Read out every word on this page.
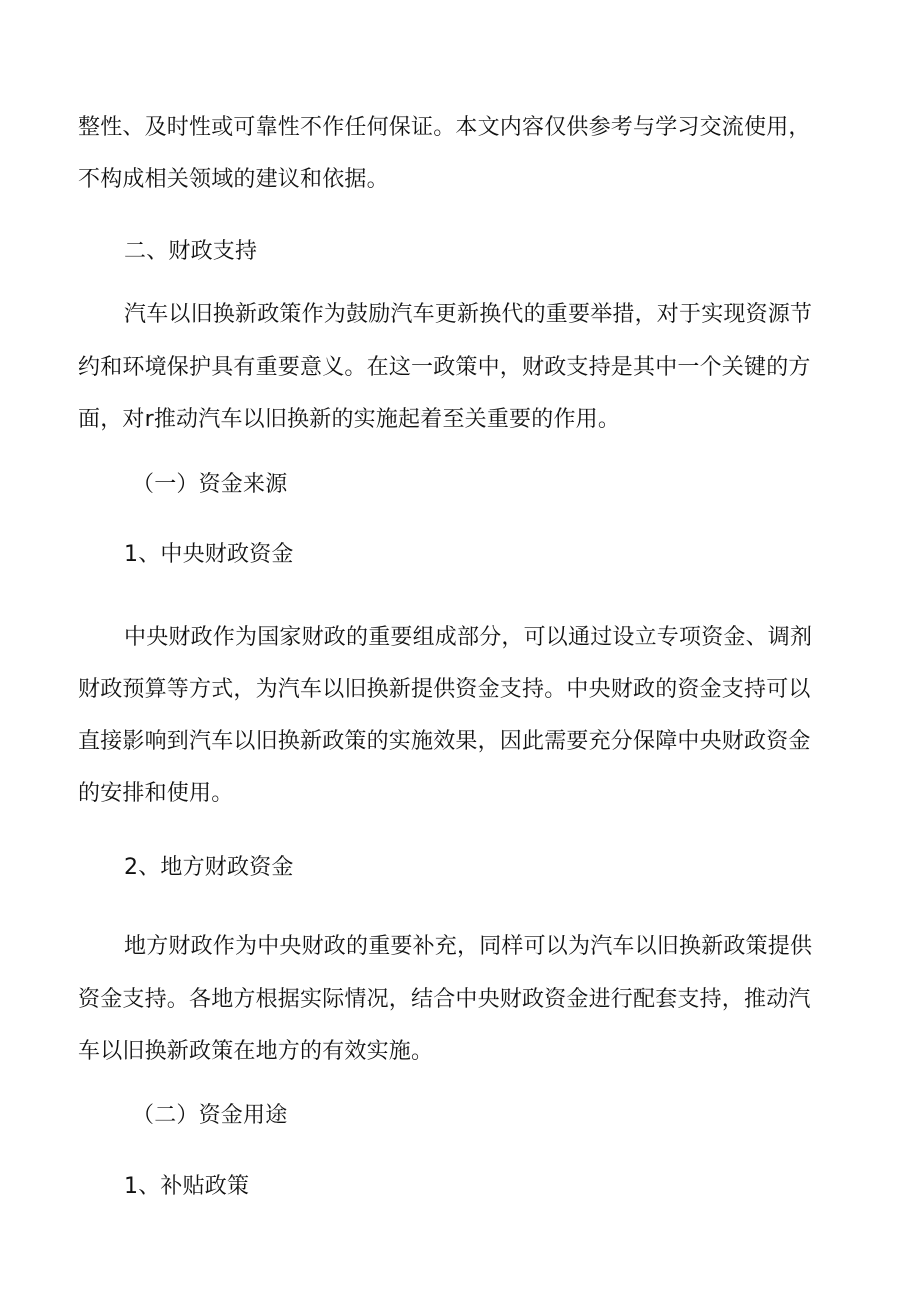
整性、及时性或可靠性不作任何保证。本文内容仅供参考与学习交流使用，
不构成相关领域的建议和依据。
二、财政支持
汽车以旧换新政策作为鼓励汽车更新换代的重要举措，对于实现资源节
约和环境保护具有重要意义。在这一政策中，财政支持是其中一个关键的方
面，对r推动汽车以旧换新的实施起着至关重要的作用。
（一）资金来源
1、中央财政资金
中央财政作为国家财政的重要组成部分，可以通过设立专项资金、调剂
财政预算等方式，为汽车以旧换新提供资金支持。中央财政的资金支持可以
直接影响到汽车以旧换新政策的实施效果，因此需要充分保障中央财政资金
的安排和使用。
2、地方财政资金
地方财政作为中央财政的重要补充，同样可以为汽车以旧换新政策提供
资金支持。各地方根据实际情况，结合中央财政资金进行配套支持，推动汽
车以旧换新政策在地方的有效实施。
（二）资金用途
1、补贴政策
